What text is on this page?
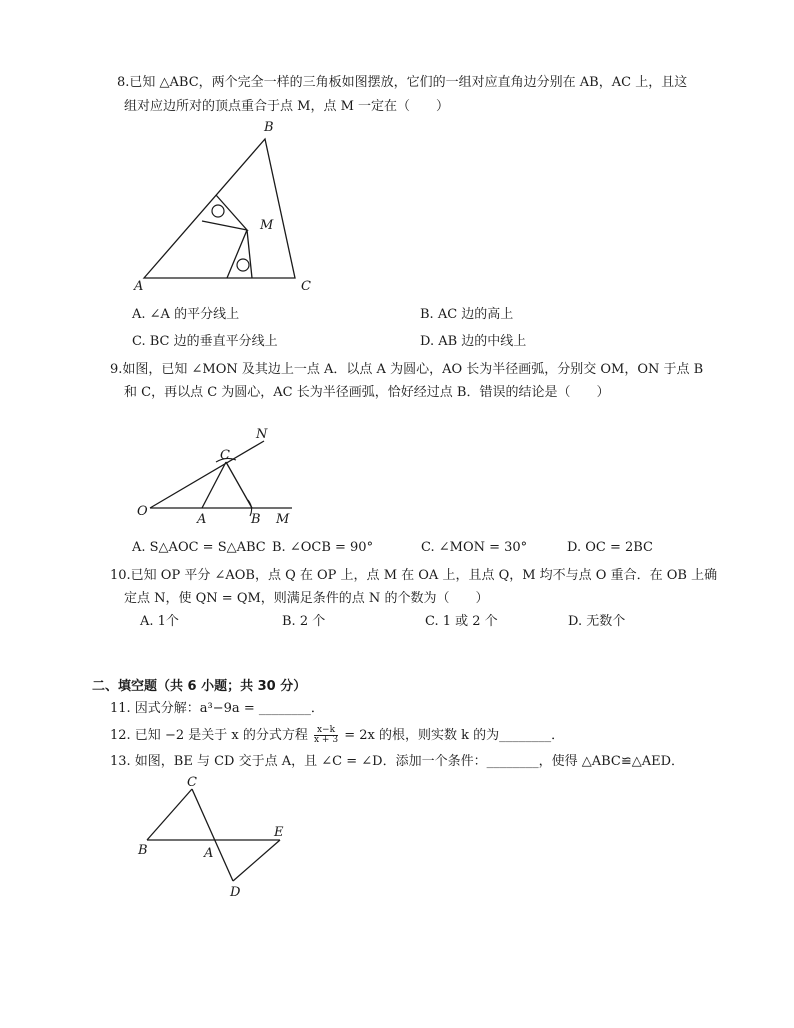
8.已知 △ABC，两个完全一样的三角板如图摆放，它们的一组对应直角边分别在 AB，AC 上，且这
组对应边所对的顶点重合于点 M，点 M 一定在（　　）
B
M
A	C
A. ∠A 的平分线上	B. AC 边的高上
C. BC 边的垂直平分线上	D. AB 边的中线上
9.如图，已知 ∠MON 及其边上一点 A．以点 A 为圆心，AO 长为半径画弧，分别交 OM，ON 于点 B
和 C，再以点 C 为圆心，AC 长为半径画弧，恰好经过点 B．错误的结论是（　　）
N
C
O
A	B M
A. S△AOC = S△ABC B. ∠OCB = 90°	C. ∠MON = 30°	D. OC = 2BC
10.已知 OP 平分 ∠AOB，点 Q 在 OP 上，点 M 在 OA 上，且点 Q，M 均不与点 O 重合．在 OB 上确
定点 N，使 QN = QM，则满足条件的点 N 的个数为（　　）
A. 1个	B. 2 个	C. 1 或 2 个	D. 无数个
二、填空题（共 6 小题；共 30 分）
11. 因式分解：a³−9a = ________．
12. 已知 −2 是关于 x 的分式方程 $\frac{x-k}{x + 3} = 2x$ 的根，则实数 k 的为________．
13. 如图，BE 与 CD 交于点 A，且 ∠C = ∠D．添加一个条件：________，使得 △ABC≌△AED．
C
B	A
E
D
